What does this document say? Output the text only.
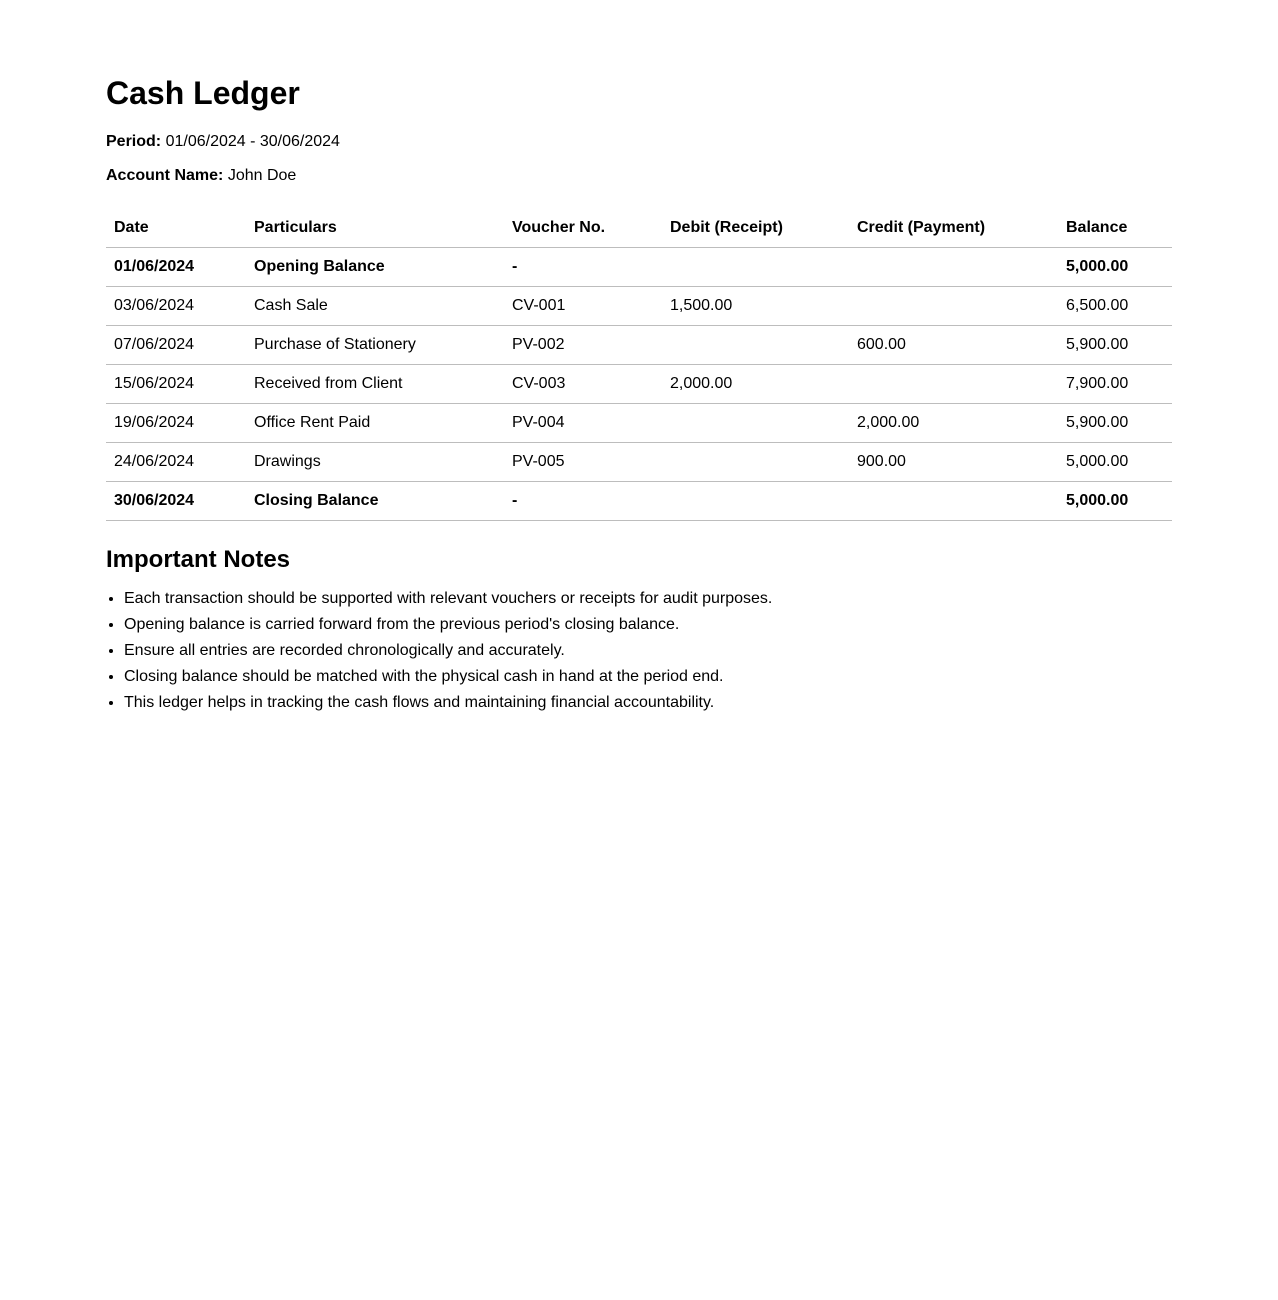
Cash Ledger
Period: 01/06/2024 - 30/06/2024
Account Name: John Doe
Date	Particulars	Voucher No.	Debit (Receipt)	Credit (Payment)	Balance
01/06/2024	Opening Balance	-			5,000.00
03/06/2024	Cash Sale	CV-001	1,500.00		6,500.00
07/06/2024	Purchase of Stationery	PV-002		600.00	5,900.00
15/06/2024	Received from Client	CV-003	2,000.00		7,900.00
19/06/2024	Office Rent Paid	PV-004		2,000.00	5,900.00
24/06/2024	Drawings	PV-005		900.00	5,000.00
30/06/2024	Closing Balance	-			5,000.00
Important Notes
• Each transaction should be supported with relevant vouchers or receipts for audit purposes.
• Opening balance is carried forward from the previous period's closing balance.
• Ensure all entries are recorded chronologically and accurately.
• Closing balance should be matched with the physical cash in hand at the period end.
• This ledger helps in tracking the cash flows and maintaining financial accountability.
